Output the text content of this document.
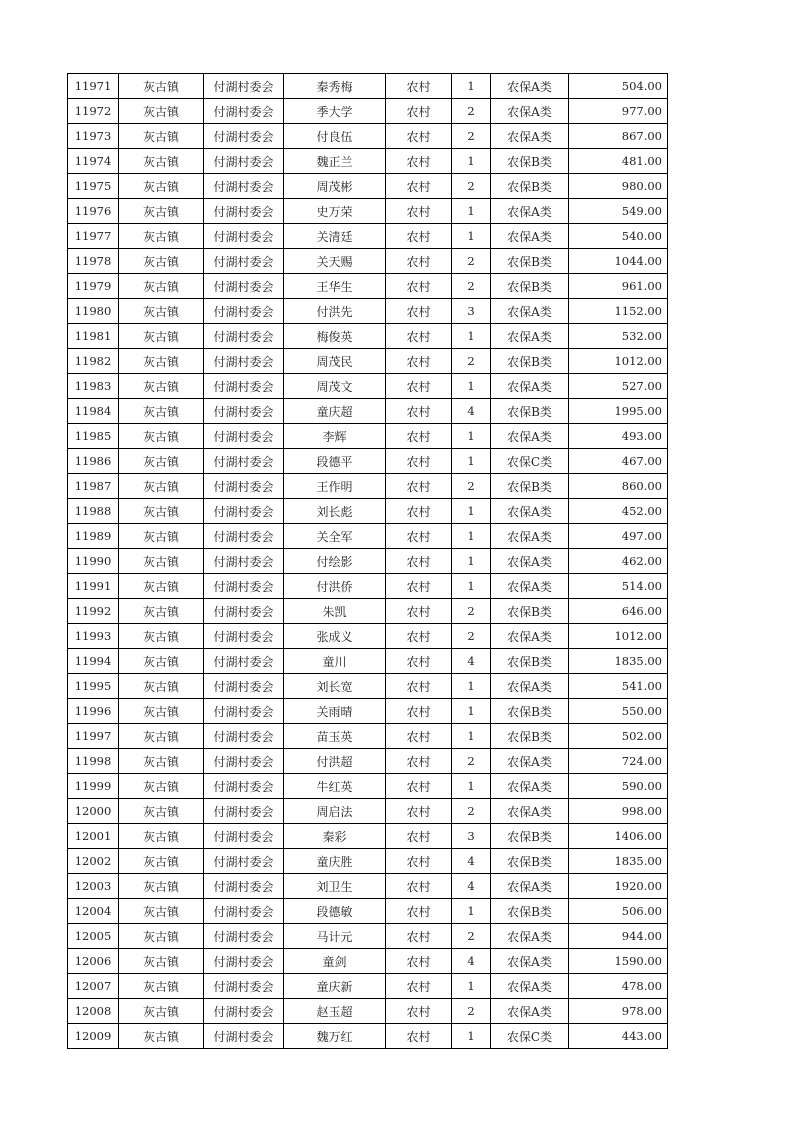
11971	灰古镇	付湖村委会	秦秀梅	农村	1	农保A类	504.00
11972	灰古镇	付湖村委会	季大学	农村	2	农保A类	977.00
11973	灰古镇	付湖村委会	付良伍	农村	2	农保A类	867.00
11974	灰古镇	付湖村委会	魏正兰	农村	1	农保B类	481.00
11975	灰古镇	付湖村委会	周茂彬	农村	2	农保B类	980.00
11976	灰古镇	付湖村委会	史万荣	农村	1	农保A类	549.00
11977	灰古镇	付湖村委会	关清廷	农村	1	农保A类	540.00
11978	灰古镇	付湖村委会	关天赐	农村	2	农保B类	1044.00
11979	灰古镇	付湖村委会	王华生	农村	2	农保B类	961.00
11980	灰古镇	付湖村委会	付洪先	农村	3	农保A类	1152.00
11981	灰古镇	付湖村委会	梅俊英	农村	1	农保A类	532.00
11982	灰古镇	付湖村委会	周茂民	农村	2	农保B类	1012.00
11983	灰古镇	付湖村委会	周茂文	农村	1	农保A类	527.00
11984	灰古镇	付湖村委会	童庆超	农村	4	农保B类	1995.00
11985	灰古镇	付湖村委会	李辉	农村	1	农保A类	493.00
11986	灰古镇	付湖村委会	段德平	农村	1	农保C类	467.00
11987	灰古镇	付湖村委会	王作明	农村	2	农保B类	860.00
11988	灰古镇	付湖村委会	刘长彪	农村	1	农保A类	452.00
11989	灰古镇	付湖村委会	关全军	农村	1	农保A类	497.00
11990	灰古镇	付湖村委会	付绘影	农村	1	农保A类	462.00
11991	灰古镇	付湖村委会	付洪侨	农村	1	农保A类	514.00
11992	灰古镇	付湖村委会	朱凯	农村	2	农保B类	646.00
11993	灰古镇	付湖村委会	张成义	农村	2	农保A类	1012.00
11994	灰古镇	付湖村委会	童川	农村	4	农保B类	1835.00
11995	灰古镇	付湖村委会	刘长宽	农村	1	农保A类	541.00
11996	灰古镇	付湖村委会	关雨晴	农村	1	农保B类	550.00
11997	灰古镇	付湖村委会	苗玉英	农村	1	农保B类	502.00
11998	灰古镇	付湖村委会	付洪超	农村	2	农保A类	724.00
11999	灰古镇	付湖村委会	牛红英	农村	1	农保A类	590.00
12000	灰古镇	付湖村委会	周启法	农村	2	农保A类	998.00
12001	灰古镇	付湖村委会	秦彩	农村	3	农保B类	1406.00
12002	灰古镇	付湖村委会	童庆胜	农村	4	农保B类	1835.00
12003	灰古镇	付湖村委会	刘卫生	农村	4	农保A类	1920.00
12004	灰古镇	付湖村委会	段德敏	农村	1	农保B类	506.00
12005	灰古镇	付湖村委会	马计元	农村	2	农保A类	944.00
12006	灰古镇	付湖村委会	童剑	农村	4	农保A类	1590.00
12007	灰古镇	付湖村委会	童庆新	农村	1	农保A类	478.00
12008	灰古镇	付湖村委会	赵玉超	农村	2	农保A类	978.00
12009	灰古镇	付湖村委会	魏万红	农村	1	农保C类	443.00
